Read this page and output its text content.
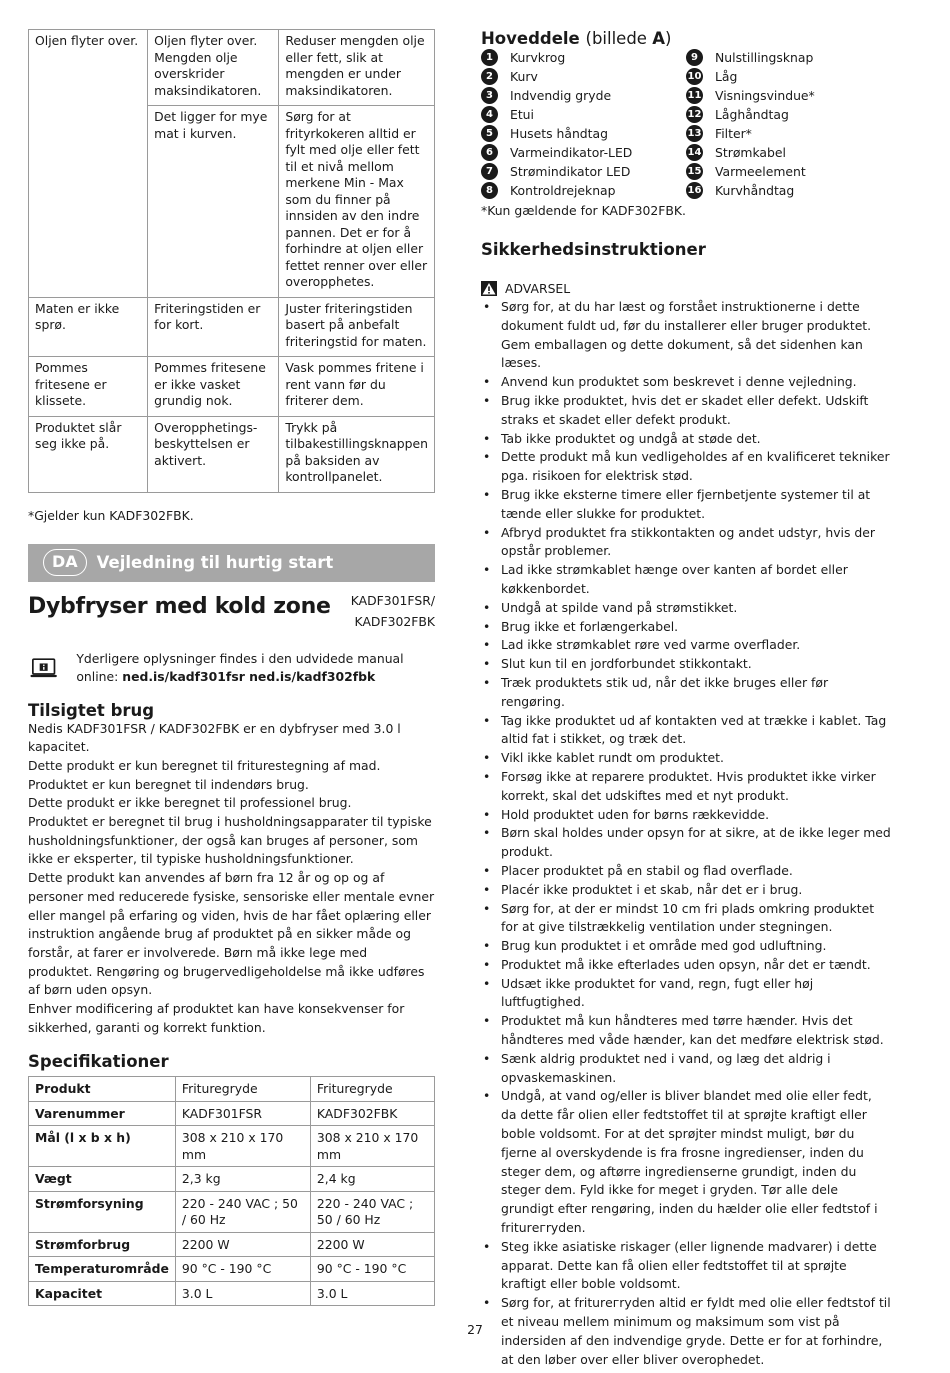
Oljen flyter over.	Oljen flyter over. Mengden olje overskrider maksindikatoren.	Reduser mengden olje eller fett, slik at mengden er under maksindikatoren.
	Det ligger for mye mat i kurven.	Sørg for at frityrkokeren alltid er fylt med olje eller fett til et nivå mellom merkene Min - Max som du finner på innsiden av den indre pannen. Det er for å forhindre at oljen eller fettet renner over eller overopphetes.
Maten er ikke sprø.	Friteringstiden er for kort.	Juster friteringstiden basert på anbefalt friteringstid for maten.
Pommes fritesene er klissete.	Pommes fritesene er ikke vasket grundig nok.	Vask pommes fritene i rent vann før du friterer dem.
Produktet slår seg ikke på.	Overopphetings-beskyttelsen er aktivert.	Trykk på tilbakestillingsknappen på baksiden av kontrollpanelet.
*Gjelder kun KADF302FBK.
DA	Vejledning til hurtig start
Dybfryser med kold zone KADF301FSR/
KADF302FBK
Yderligere oplysninger findes i den udvidede manual online: ned.is/kadf301fsr ned.is/kadf302fbk
Tilsigtet brug
Nedis KADF301FSR / KADF302FBK er en dybfryser med 3.0 l kapacitet.
Dette produkt er kun beregnet til friturestegning af mad.
Produktet er kun beregnet til indendørs brug.
Dette produkt er ikke beregnet til professionel brug.
Produktet er beregnet til brug i husholdningsapparater til typiske husholdningsfunktioner, der også kan bruges af personer, som ikke er eksperter, til typiske husholdningsfunktioner.
Dette produkt kan anvendes af børn fra 12 år og op og af personer med reducerede fysiske, sensoriske eller mentale evner eller mangel på erfaring og viden, hvis de har fået oplæring eller instruktion angående brug af produktet på en sikker måde og forstår, at farer er involverede. Børn må ikke lege med produktet. Rengøring og brugervedligeholdelse må ikke udføres af børn uden opsyn.
Enhver modificering af produktet kan have konsekvenser for sikkerhed, garanti og korrekt funktion.
Specifikationer
Produkt	Frituregryde	Frituregryde
Varenummer	KADF301FSR	KADF302FBK
Mål (l x b x h)	308 x 210 x 170 mm	308 x 210 x 170 mm
Vægt	2,3 kg	2,4 kg
Strømforsyning	220 - 240 VAC ; 50 / 60 Hz	220 - 240 VAC ; 50 / 60 Hz
Strømforbrug	2200 W	2200 W
Temperaturområde	90 °C - 190 °C	90 °C - 190 °C
Kapacitet	3.0 L	3.0 L
Hoveddele (billede A)
1	Kurvkrog
2	Kurv
3	Indvendig gryde
4	Etui
5	Husets håndtag
6	Varmeindikator-LED
7	Strømindikator LED
8	Kontroldrejeknap
9	Nulstillingsknap
10 Låg
11 Visningsvindue*
12 Låghåndtag
13 Filter*
14 Strømkabel
15 Varmeelement
16 Kurvhåndtag
*Kun gældende for KADF302FBK.
Sikkerhedsinstruktioner
ADVARSEL
• Sørg for, at du har læst og forstået instruktionerne i dette dokument fuldt ud, før du installerer eller bruger produktet. Gem emballagen og dette dokument, så det sidenhen kan læses.
• Anvend kun produktet som beskrevet i denne vejledning.
• Brug ikke produktet, hvis det er skadet eller defekt. Udskift straks et skadet eller defekt produkt.
• Tab ikke produktet og undgå at støde det.
• Dette produkt må kun vedligeholdes af en kvalificeret tekniker pga. risikoen for elektrisk stød.
• Brug ikke eksterne timere eller fjernbetjente systemer til at tænde eller slukke for produktet.
• Afbryd produktet fra stikkontakten og andet udstyr, hvis der opstår problemer.
• Lad ikke strømkablet hænge over kanten af bordet eller køkkenbordet.
• Undgå at spilde vand på strømstikket.
• Brug ikke et forlængerkabel.
• Lad ikke strømkablet røre ved varme overflader.
• Slut kun til en jordforbundet stikkontakt.
• Træk produktets stik ud, når det ikke bruges eller før rengøring.
• Tag ikke produktet ud af kontakten ved at trække i kablet. Tag altid fat i stikket, og træk det.
• Vikl ikke kablet rundt om produktet.
• Forsøg ikke at reparere produktet. Hvis produktet ikke virker korrekt, skal det udskiftes med et nyt produkt.
• Hold produktet uden for børns rækkevidde.
• Børn skal holdes under opsyn for at sikre, at de ikke leger med produkt.
• Placer produktet på en stabil og flad overflade.
• Placér ikke produktet i et skab, når det er i brug.
• Sørg for, at der er mindst 10 cm fri plads omkring produktet for at give tilstrækkelig ventilation under stegningen.
• Brug kun produktet i et område med god udluftning.
• Produktet må ikke efterlades uden opsyn, når det er tændt.
• Udsæt ikke produktet for vand, regn, fugt eller høj luftfugtighed.
• Produktet må kun håndteres med tørre hænder. Hvis det håndteres med våde hænder, kan det medføre elektrisk stød.
• Sænk aldrig produktet ned i vand, og læg det aldrig i opvaskemaskinen.
• Undgå, at vand og/eller is bliver blandet med olie eller fedt, da dette får olien eller fedtstoffet til at sprøjte kraftigt eller boble voldsomt. For at det sprøjter mindst muligt, bør du fjerne al overskydende is fra frosne ingredienser, inden du steger dem, og aftørre ingredienserne grundigt, inden du steger dem. Fyld ikke for meget i gryden. Tør alle dele grundigt efter rengøring, inden du hælder olie eller fedtstof i friturегryden.
• Steg ikke asiatiske riskager (eller lignende madvarer) i dette apparat. Dette kan få olien eller fedtstoffet til at sprøjte kraftigt eller boble voldsomt.
• Sørg for, at friturегryden altid er fyldt med olie eller fedtstof til et niveau mellem minimum og maksimum som vist på indersiden af den indvendige gryde. Dette er for at forhindre, at den løber over eller bliver overophedet.
27
